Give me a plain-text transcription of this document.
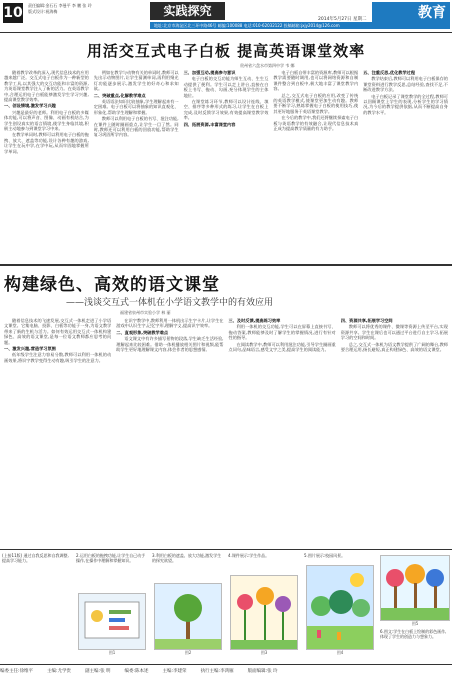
10 责任编辑:金石石 李曼平 李 鹏 张 玲
版式设计:祝海梅	实践探究
2014年5月27日 星期二	教育
地址:北京市海淀区北三环中路46号 邮编:100088 电话:010-62032122 投稿邮箱:jxjy2014@126.com
用活交互式电子白板 提高英语课堂效率
贵州省六盘水市第四中学 韦 娜

随着教学改革的深入,现代信息技术的应用越来越广泛。交互式电子白板作为一种新型的教学工具,以其强大的交互功能和丰富的资源,为英语课堂教学注入了新的活力。在英语教学中,合理运用电子白板能够激发学生学习兴趣,提高课堂教学效率。

一、创设情境,激发学习兴趣

兴趣是最好的老师。利用电子白板的多媒体功能,可以将声音、图像、动画有机结合,为学生创设真实的语言情境,使学生身临其境,积极主动地参与到课堂学习中来。

在教学单词时,教师可以利用电子白板的拖拽、放大、遮盖等功能,设计各种有趣的游戏,让学生在玩中学,在学中玩,从而牢固地掌握所学单词。

例如在教学与动物有关的单词时,教师可以先出示动物图片,让学生猜测单词,再利用聚光灯功能逐步展示,激发学生的好奇心和求知欲。

二、突破重点,化解教学难点

英语语法知识比较抽象,学生理解起来有一定困难。电子白板可以将抽象的知识直观化、形象化,帮助学生理解和掌握。

教师可以利用电子白板的书写、批注功能,在课件上随时圈画重点,让学生一目了然。同时,教师还可以利用白板的回放功能,帮助学生复习巩固所学内容。

三、加强互动,提高参与意识

电子白板的交互功能为师生互动、生生互动提供了便利。学生可以走上讲台,直接在白板上书写、拖动、勾画,充分体现学生的主体地位。

在课堂练习环节,教师可以设计连线、填空、排序等多种形式的练习,让学生在白板上完成,及时反馈学习效果,有效提高课堂教学效率。

四、拓展资源,丰富课堂内容

电子白板自带丰富的资源库,教师可以根据教学需要随时调用,也可以将网络资源和自制课件整合到白板中,极大地丰富了课堂教学内容。

总之,交互式电子白板的应用,改变了传统的英语教学模式,使课堂更加生动有趣。教师要不断学习,熟练掌握电子白板的使用技巧,使其更好地服务于英语课堂教学。

在今后的教学中,我们还将继续探索电子白板与英语教学的有效融合,让现代信息技术真正成为提高教学质量的有力助手。

五、注重反思,优化教学过程

教学结束后,教师可以利用电子白板保存的课堂资料进行教学反思,总结经验,查找不足,不断改进教学方法。

电子白板记录了课堂教学的全过程,教师可以回顾课堂上学生的表现,分析学生的学习情况,为今后的教学提供依据,从而不断提高自身的教学水平。

构建绿色、高效的语文课堂
——浅谈交互式一体机在小学语文教学中的有效应用
福建省泉州市实验小学 林 丽

随着信息技术的飞速发展,交互式一体机走进了小学语文课堂。它集电脑、投影、白板等功能于一身,为语文教学带来了新的生机与活力。如何有效运用交互式一体机构建绿色、高效的语文课堂,是每一位语文教师都应思考的问题。

一、激发兴趣,营造学习氛围

低年级学生注意力容易分散,教师可以利用一体机的动画效果,将识字教学变得生动有趣,吸引学生的注意力。

在识字教学中,教师利用一体机出示生字卡片,让学生在游戏中认识生字,记忆字形,理解字义,提高识字效率。

二、直观形象,突破教学难点

语文课文中有许多描写景物的段落,学生缺乏生活经验,理解起来比较困难。借助一体机播放相关图片和视频,能帮助学生更好地理解课文内容,体会作者的思想感情。

三、及时反馈,提高练习效率

利用一体机的交互功能,学生可以在屏幕上直接书写、拖动答案,教师能够及时了解学生的掌握情况,进行有针对性的指导。

在阅读教学中,教师可以利用批注功能,引导学生圈画重点词句,品味语言,感受文字之美,提高学生的阅读能力。

四、资源共享,拓展学习空间

教师可以将优秀的课件、微课等资源上传至平台,实现资源共享。学生在课后也可以通过平台进行自主学习,拓展学习的空间和时间。

总之,交互式一体机为语文教学提供了广阔的舞台,教师要合理运用,扬长避短,真正构建绿色、高效的语文课堂。

(上接11版) 通过自我反思和自我调整,提高学习能力。
2.运用白板的拖拽功能,让学生自己动手操作,在操作中理解和掌握知识。
图1
3.利用白板的遮盖、放大功能,激发学生的探究欲望。
图2
4.课件展示:学生作品。
图3
5.图片展示:校园风景。
图4
图5
6.图文:学生在白板上绘制的彩色画作,体现了学生的创造力与想象力。
编委主任:徐维平	主编:尤学贵	副主编:张 明	编委:陈本述	主编:李建荣	执行主编:李鸿雁	版面编辑:张 玲
